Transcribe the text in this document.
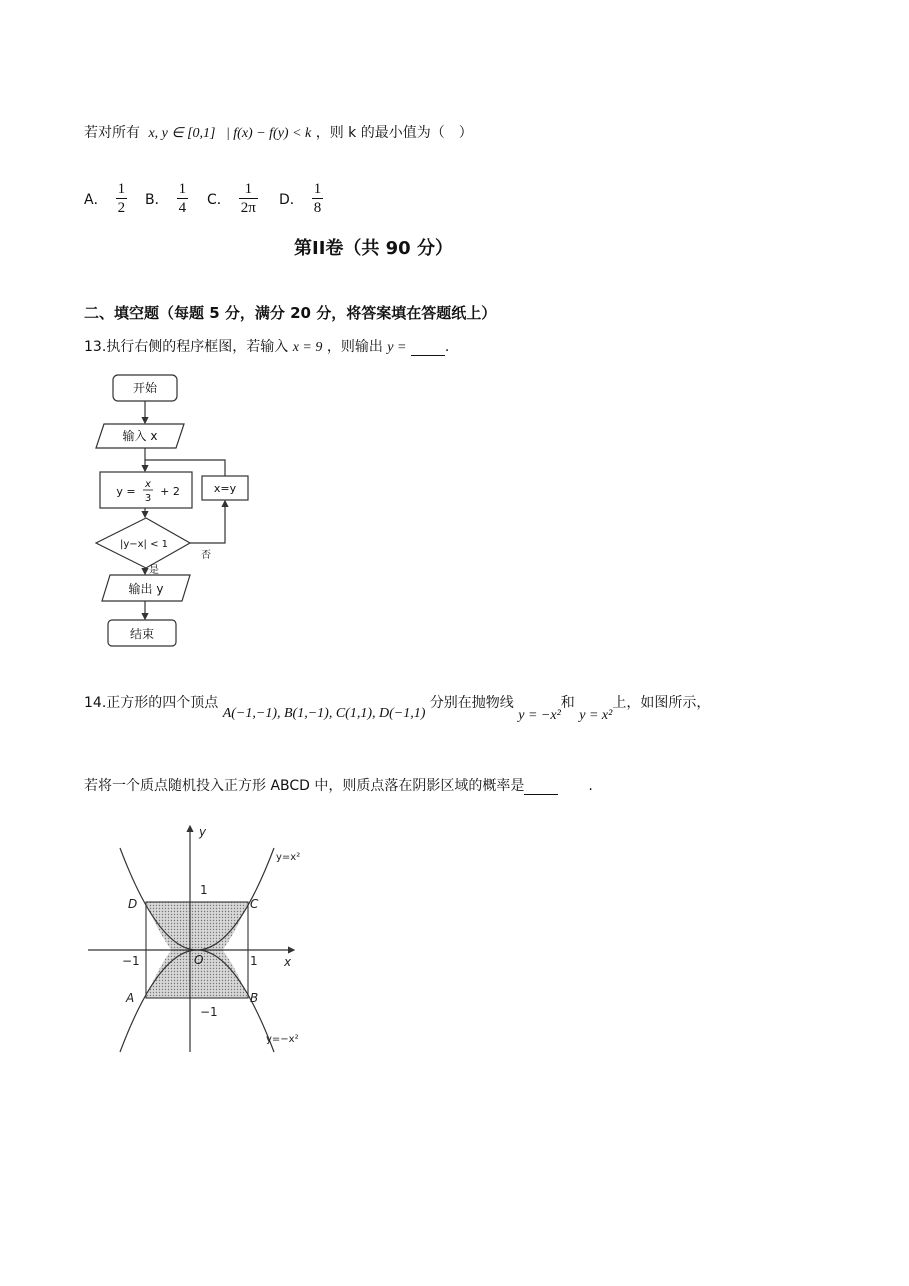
若对所有 x, y ∈ [0,1] | f(x) − f(y) < k ，则 k 的最小值为（　）
A． $\frac{1}{2}$ B． $\frac{1}{4}$ C． $\frac{1}{2\pi}$ D． $\frac{1}{8}$
第II卷（共 90 分）
二、填空题（每题 5 分，满分 20 分，将答案填在答题纸上）
13.执行右侧的程序框图，若输入 x = 9 ，则输出 y =	.
开始
输入 x
y =
x
3
+ 2	x=y
|y−x| < 1
是
否
输出 y
结束
14.正方形的四个顶点 A(−1,−1), B(1,−1), C(1,1), D(−1,1) 分别在抛物线 y = −x²和 y = x²上，如图所示，
若将一个质点随机投入正方形 ABCD 中，则质点落在阴影区域的概率是	.
y
x
O
1
−1
−1	1
A	B
C
D
y=x²
y=−x²
